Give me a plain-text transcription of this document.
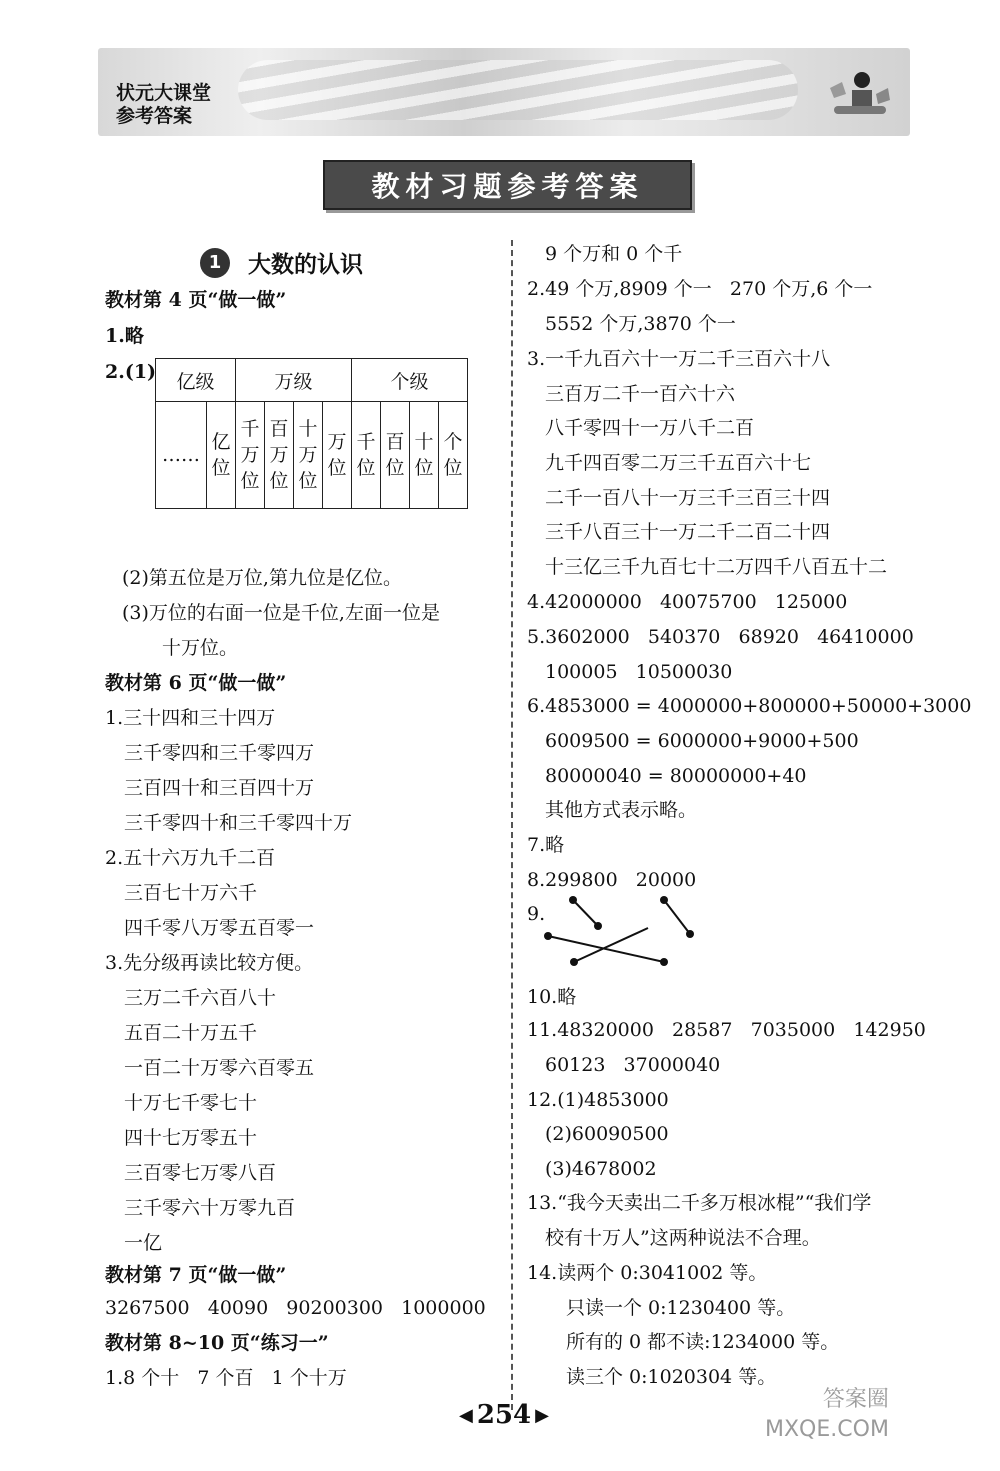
状元大课堂
参考答案
教材习题参考答案
1	大数的认识
教材第 4 页“做一做”
1.略
2.(1) 亿级		万级				个级			
……	亿位	千万位	百万位	十万位	万位	千位	百位	十位	个位
(2)第五位是万位,第九位是亿位。
(3)万位的右面一位是千位,左面一位是
十万位。
教材第 6 页“做一做”
1.三十四和三十四万
三千零四和三千零四万
三百四十和三百四十万
三千零四十和三千零四十万
2.五十六万九千二百
三百七十万六千
四千零八万零五百零一
3.先分级再读比较方便。
三万二千六百八十
五百二十万五千
一百二十万零六百零五
十万七千零七十
四十七万零五十
三百零七万零八百
三千零六十万零九百
一亿
教材第 7 页“做一做”
3267500   40090   90200300   1000000
教材第 8~10 页“练习一”
1.8 个十   7 个百   1 个十万
9 个万和 0 个千
2.49 个万,8909 个一   270 个万,6 个一
5552 个万,3870 个一
3.一千九百六十一万二千三百六十八
三百万二千一百六十六
八千零四十一万八千二百
九千四百零二万三千五百六十七
二千一百八十一万三千三百三十四
三千八百三十一万二千二百二十四
十三亿三千九百七十二万四千八百五十二
4.42000000   40075700   125000
5.3602000   540370   68920   46410000
100005   10500030
6.4853000 = 4000000+800000+50000+3000
6009500 = 6000000+9000+500
80000040 = 80000000+40
其他方式表示略。
7.略
8.299800   20000
9.
10.略
11.48320000   28587   7035000   142950
60123   37000040
12.(1)4853000
(2)60090500
(3)4678002
13.“我今天卖出二千多万根冰棍”“我们学
校有十万人”这两种说法不合理。
14.读两个 0:3041002 等。
只读一个 0:1230400 等。
所有的 0 都不读:1234000 等。
读三个 0:1020304 等。
◀ 254 ▶
答案圈
MXQE.COM
